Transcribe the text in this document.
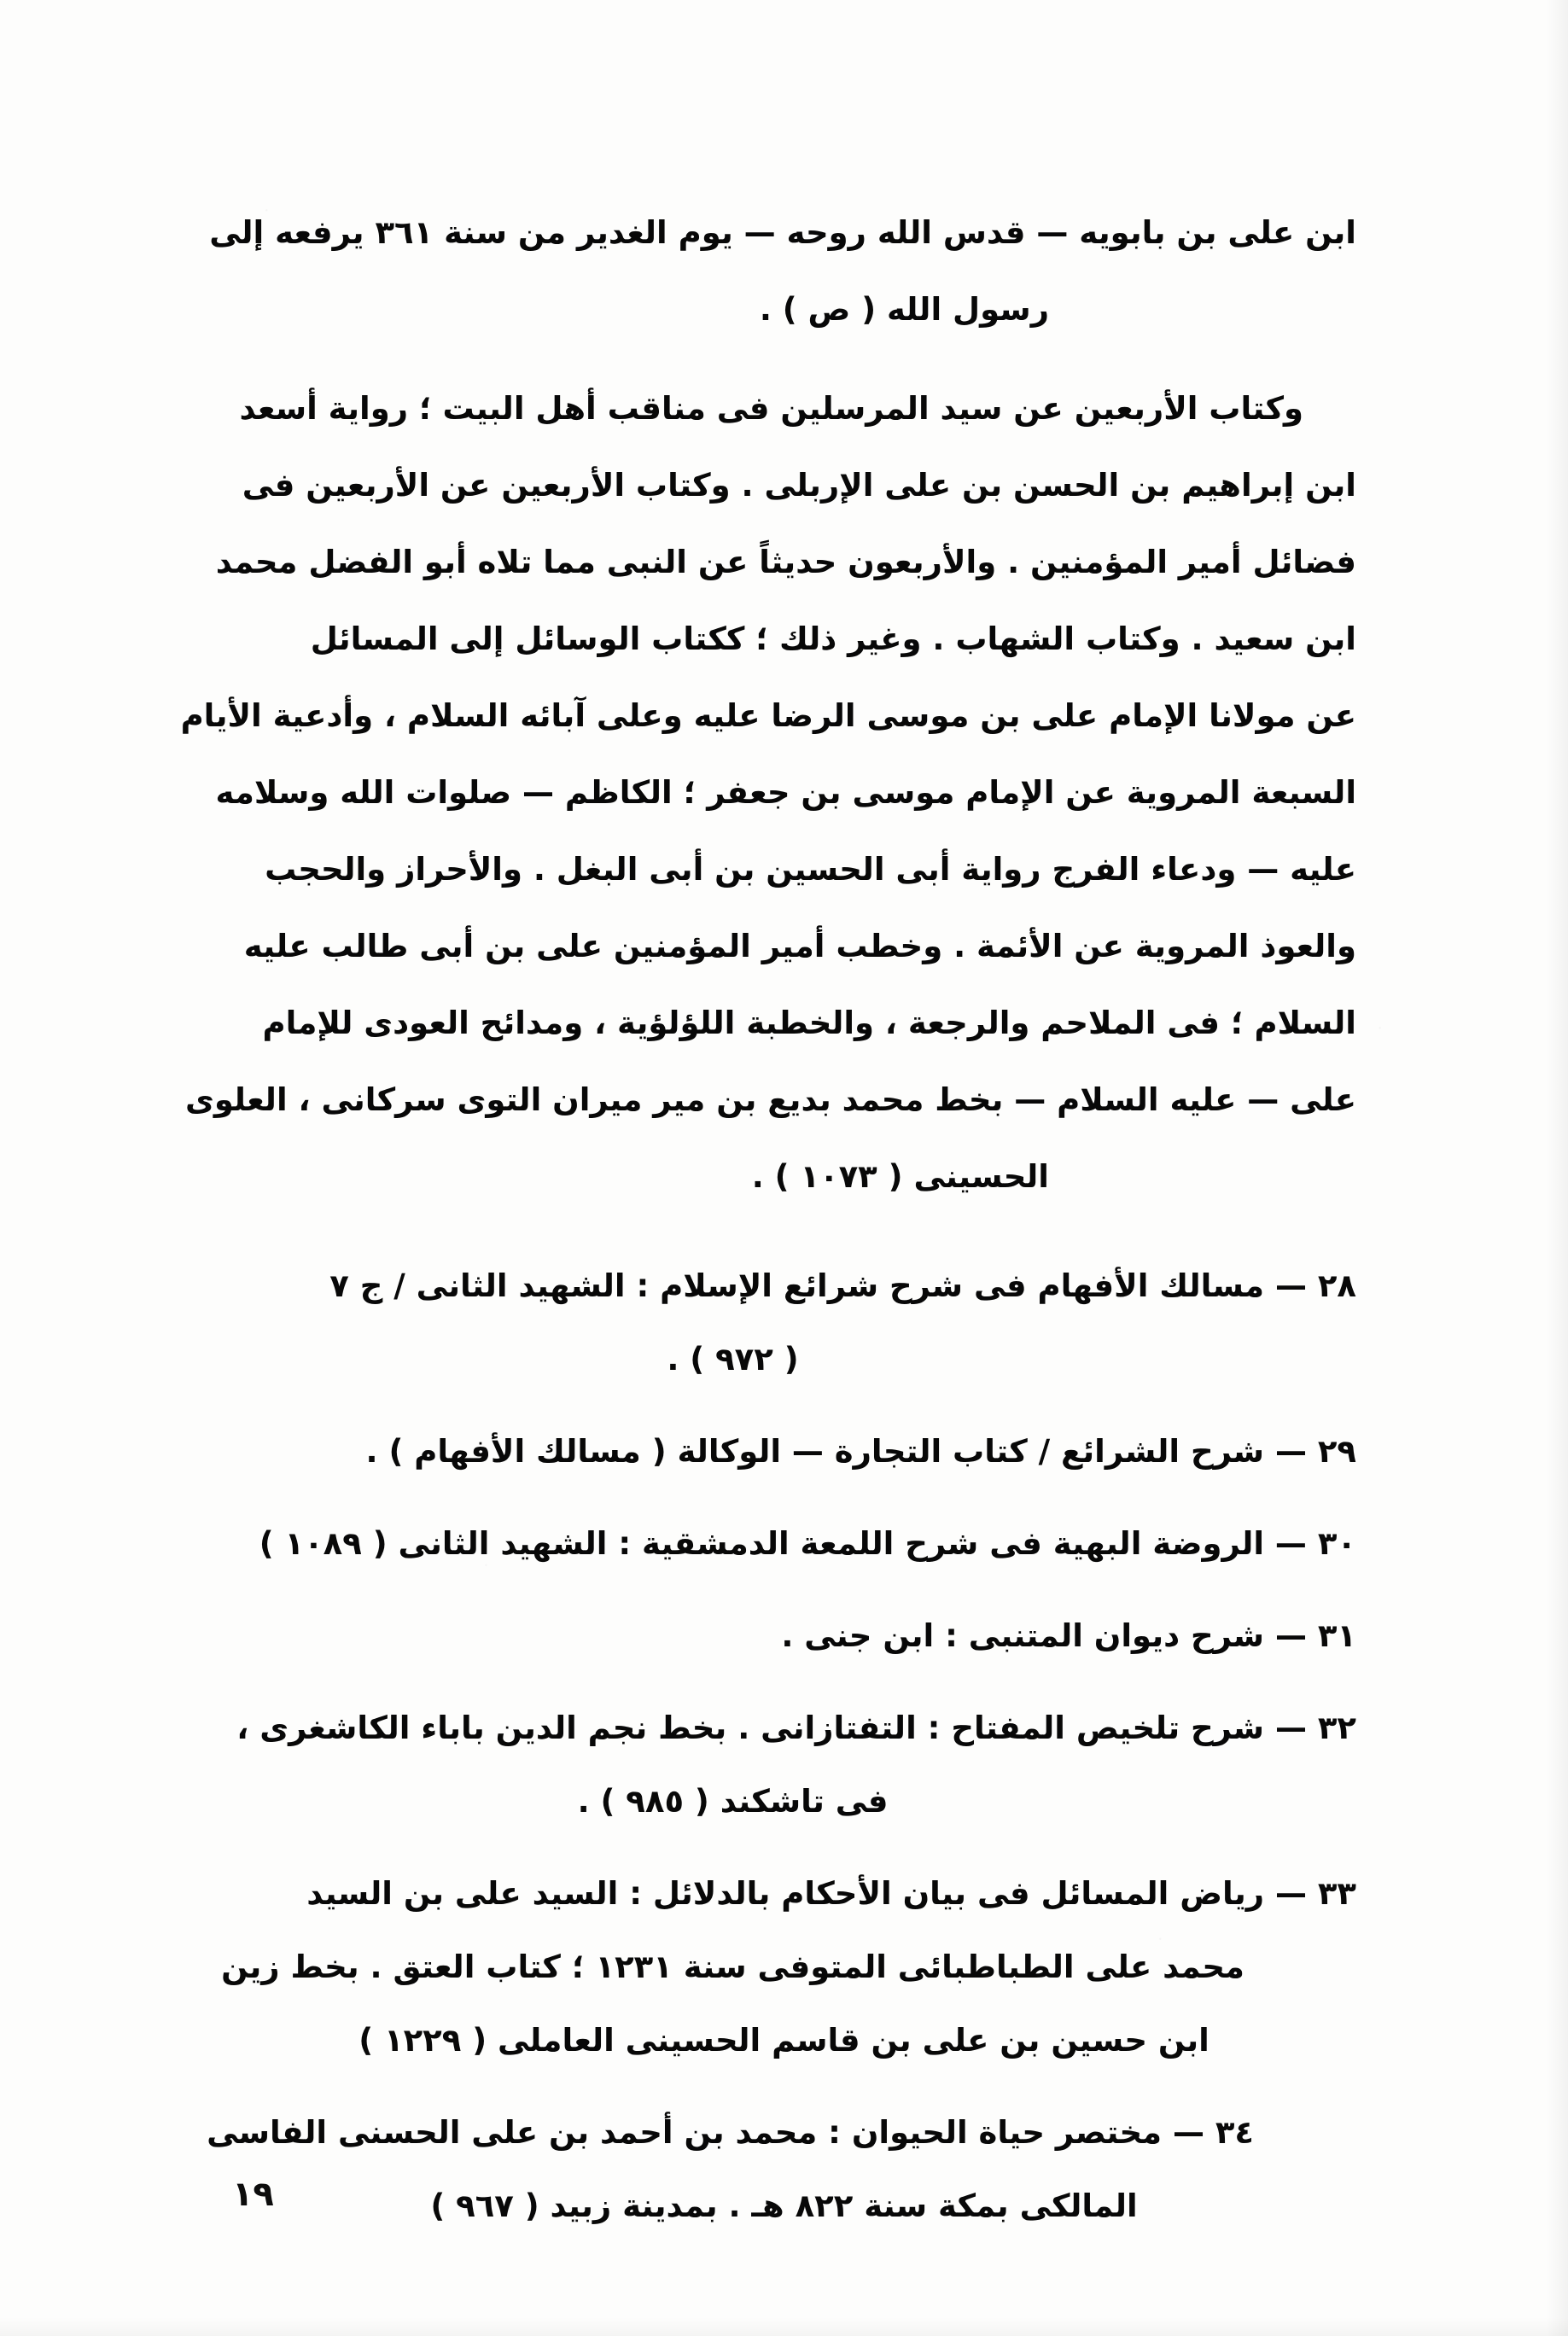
ابن على بن بابويه — قدس الله روحه — يوم الغدير من سنة ٣٦١ يرفعه إلى
رسول الله ( ص ) .
وكتاب الأربعين عن سيد المرسلين فى مناقب أهل البيت ؛ رواية أسعد
ابن إبراهيم بن الحسن بن على الإربلى . وكتاب الأربعين عن الأربعين فى
فضائل أمير المؤمنين . والأربعون حديثاً عن النبى مما تلاه أبو الفضل محمد
ابن سعيد . وكتاب الشهاب . وغير ذلك ؛ ككتاب الوسائل إلى المسائل
عن مولانا الإمام على بن موسى الرضا عليه وعلى آبائه السلام ، وأدعية الأيام
السبعة المروية عن الإمام موسى بن جعفر ؛ الكاظم — صلوات الله وسلامه
عليه — ودعاء الفرج رواية أبى الحسين بن أبى البغل . والأحراز والحجب
والعوذ المروية عن الأئمة . وخطب أمير المؤمنين على بن أبى طالب عليه
السلام ؛ فى الملاحم والرجعة ، والخطبة اللؤلؤية ، ومدائح العودى للإمام
على — عليه السلام — بخط محمد بديع بن مير ميران التوى سركانى ، العلوى
الحسينى ( ١٠٧٣ ) .
٢٨ — مسالك الأفهام فى شرح شرائع الإسلام : الشهيد الثانى / ج ٧
( ٩٧٢ ) .
٢٩ — شرح الشرائع / كتاب التجارة — الوكالة ( مسالك الأفهام ) .
٣٠ — الروضة البهية فى شرح اللمعة الدمشقية : الشهيد الثانى ( ١٠٨٩ )
٣١ — شرح ديوان المتنبى : ابن جنى .
٣٢ — شرح تلخيص المفتاح : التفتازانى . بخط نجم الدين باباء الكاشغرى ،
فى تاشكند ( ٩٨٥ ) .
٣٣ — رياض المسائل فى بيان الأحكام بالدلائل : السيد على بن السيد
محمد على الطباطبائى المتوفى سنة ١٢٣١ ؛ كتاب العتق . بخط زين
ابن حسين بن على بن قاسم الحسينى العاملى ( ١٢٢٩ )
٣٤ — مختصر حياة الحيوان : محمد بن أحمد بن على الحسنى الفاسى
المالكى بمكة سنة ٨٢٢ هـ . بمدينة زبيد ( ٩٦٧ )
١٩
